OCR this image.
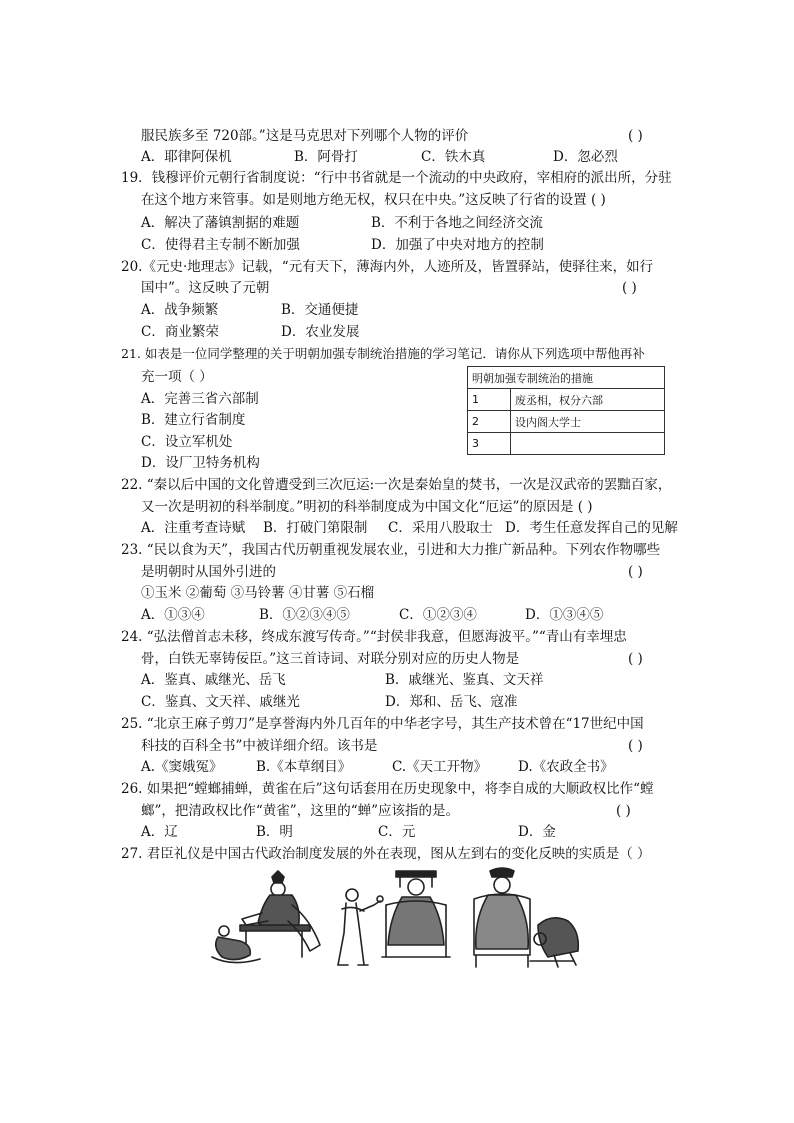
服民族多至 720部。”这是马克思对下列哪个人物的评价	( )
A．耶律阿保机	B．阿骨打	C．铁木真	D．忽必烈
19．钱穆评价元朝行省制度说：“行中书省就是一个流动的中央政府，宰相府的派出所，分驻
在这个地方来管事。如是则地方绝无权，权只在中央。”这反映了行省的设置 ( )
A．解决了藩镇割据的难题	B．不利于各地之间经济交流
C．使得君主专制不断加强	D．加强了中央对地方的控制
20.《元史·地理志》记载，“元有天下，薄海内外，人迹所及，皆置驿站，使驿往来，如行
国中”。这反映了元朝	( )
A．战争频繁	B．交通便捷
C．商业繁荣	D．农业发展
21. 如表是一位同学整理的关于明朝加强专制统治措施的学习笔记．请你从下列选项中帮他再补
充一项（ ）
A．完善三省六部制
B．建立行省制度
C．设立军机处
D．设厂卫特务机构
明朝加强专制统治的措施	
1	废丞相，权分六部
2	设内阁大学士
3	
22. “秦以后中国的文化曾遭受到三次厄运:一次是秦始皇的焚书，一次是汉武帝的罢黜百家，
又一次是明初的科举制度。”明初的科举制度成为中国文化“厄运”的原因是 ( )
A．注重考查诗赋 B．打破门第限制 C．采用八股取士 D．考生任意发挥自己的见解
23. “民以食为天”，我国古代历朝重视发展农业，引进和大力推广新品种。下列农作物哪些
是明朝时从国外引进的	( )
①玉米 ②葡萄 ③马铃薯 ④甘薯 ⑤石榴
A．①③④	B．①②③④⑤	C．①②③④	D．①③④⑤
24. “弘法僧首志未移，终成东渡写传奇。”“封侯非我意，但愿海波平。”“青山有幸埋忠
骨，白铁无辜铸佞臣。”这三首诗词、对联分别对应的历史人物是	( )
A．鉴真、戚继光、岳飞	B．戚继光、鉴真、文天祥
C．鉴真、文天祥、戚继光	D．郑和、岳飞、寇准
25. “北京王麻子剪刀”是享誉海内外几百年的中华老字号，其生产技术曾在“17世纪中国
科技的百科全书”中被详细介绍。该书是	( )
A.《窦娥冤》 B.《本草纲目》	C.《天工开物》 D.《农政全书》
26. 如果把“螳螂捕蝉，黄雀在后”这句话套用在历史现象中，将李自成的大顺政权比作“螳
螂”，把清政权比作“黄雀”，这里的“蝉”应该指的是。	( )
A．辽	B．明	C．元	D．金
27. 君臣礼仪是中国古代政治制度发展的外在表现，图从左到右的变化反映的实质是（ ）
